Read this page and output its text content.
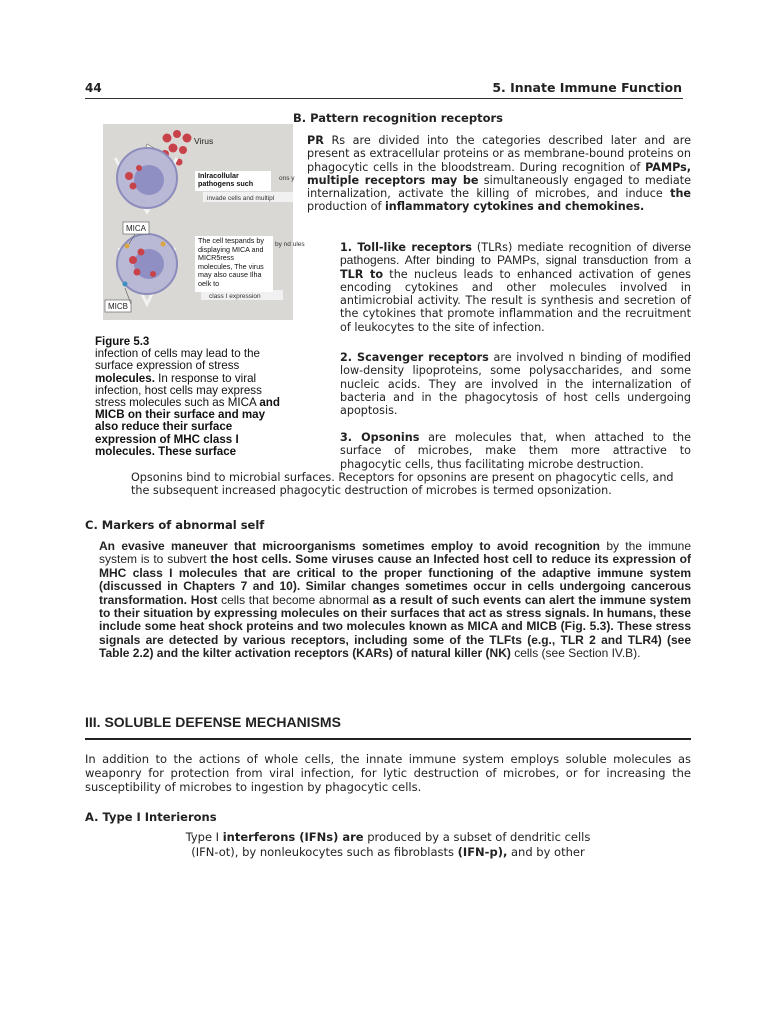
44	5. Innate Immune Function
B. Pattern recognition receptors
Virus
MICA
MICB
ons y
by nd ules
invade cells and multipl
class I expression
Inlracollular pathogens such
The cell tespands by displaying MICA and MICR5ress molecules, The virus may also cause Ilha oelk to
Figure 5.3
infection of cells may lead to the surface expression of stress molecules. In response to viral infection, host cells may express stress molecules such as MICA and MICB on their surface and may also reduce their surface expression of MHC class I molecules. These surface

PR Rs are divided into the categories described later and are present as extracellular proteins or as membrane-bound proteins on phagocytic cells in the bloodstream. During recognition of PAMPs, multiple receptors may be simultaneously engaged to mediate internalization, activate the killing of microbes, and induce the production of inflammatory cytokines and chemokines.

1. Toll-like receptors (TLRs) mediate recognition of diverse pathogens. After binding to PAMPs, signal transduction from a TLR to the nucleus leads to enhanced activation of genes encoding cytokines and other molecules involved in antimicrobial activity. The result is synthesis and secretion of the cytokines that promote inflammation and the recruitment of leukocytes to the site of infection.

2. Scavenger receptors are involved n binding of modified low-density lipoproteins, some polysaccharides, and some nucleic acids. They are involved in the internalization of bacteria and in the phagocytosis of host cells undergoing apoptosis.

3. Opsonins are molecules that, when attached to the surface of microbes, make them more attractive to phagocytic cells, thus facilitating microbe destruction.

Opsonins bind to microbial surfaces. Receptors for opsonins are present on phagocytic cells, and the subsequent increased phagocytic destruction of microbes is termed opsonization.

C. Markers of abnormal self

An evasive maneuver that microorganisms sometimes employ to avoid recognition by the immune system is to subvert the host cells. Some viruses cause an Infected host cell to reduce its expression of MHC class I molecules that are critical to the proper functioning of the adaptive immune system (discussed in Chapters 7 and 10). Similar changes sometimes occur in cells undergoing cancerous transformation. Host cells that become abnormal as a result of such events can alert the immune system to their situation by expressing molecules on their surfaces that act as stress signals. In humans, these include some heat shock proteins and two molecules known as MICA and MICB (Fig. 5.3). These stress signals are detected by various receptors, including some of the TLFts (e.g., TLR 2 and TLR4) (see Table 2.2) and the kilter activation receptors (KARs) of natural killer (NK) cells (see Section IV.B).

III. SOLUBLE DEFENSE MECHANISMS

In addition to the actions of whole cells, the innate immune system employs soluble molecules as weaponry for protection from viral infection, for lytic destruction of microbes, or for increasing the susceptibility of microbes to ingestion by phagocytic cells.

A. Type I Interierons

Type I interferons (IFNs) are produced by a subset of dendritic cells

(IFN-ot), by nonleukocytes such as fibroblasts (IFN-p), and by other
